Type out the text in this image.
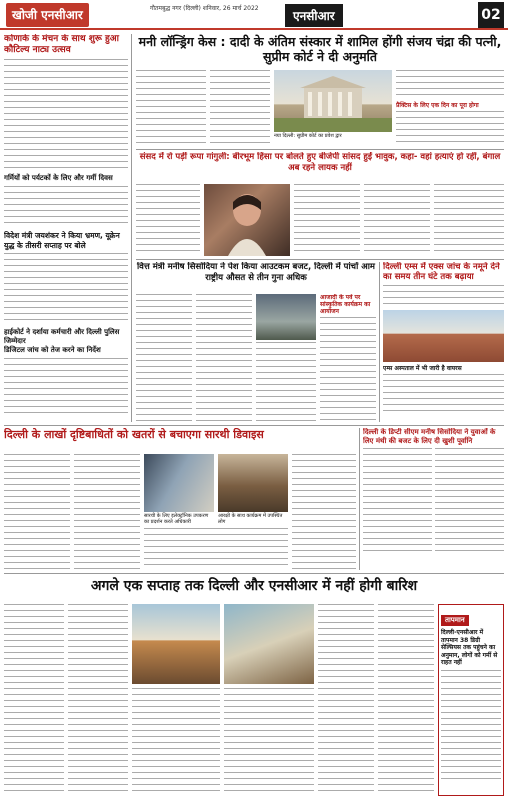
खोजी एनसीआर	गौतमबुद्ध नगर (दिल्ली) शनिवार, 26 मार्च 2022
एनसीआर	02
कोणार्क के मंचन के साथ शुरू हुआ कौटिल्य नाट्य उत्सव
गर्मियों को पर्यटकों के लिए और गर्मी दिवस
विदेश मंत्री जयशंकर ने किया भ्रमण, यूक्रेन युद्ध के तीसरी सप्ताह पर बोले
हाईकोर्ट ने दर्शाया कर्मचारी और दिल्ली पुलिस जिम्मेदार
डिजिटल जांच को तेज करने का निर्देश
मनी लॉन्ड्रिंग केस : दादी के अंतिम संस्कार में शामिल होंगी संजय चंद्रा की पत्नी, सुप्रीम कोर्ट ने दी अनुमति
नया दिल्ली: सुप्रीम कोर्ट का प्रवेश द्वार
प्रैक्टिस के लिए एक दिन का पूरा होगा
संसद में रो पड़ीं रूपा गांगुली: बीरभूम हिंसा पर बोलते हुए बीजेपी सांसद हुईं भावुक, कहा- वहां हत्याएं हो रहीं, बंगाल अब रहने लायक नहीं
वित्त मंत्री मनीष सिसोदिया ने पेश किया आउटकम बजट, दिल्ली में पांचों आम राष्ट्रीय औसत से तीन गुना अधिक
आजादी के पर्व पर सांस्कृतिक कार्यक्रम का आयोजन
दिल्ली एम्स में एक्स जांच के नमूने देने का समय तीन घंटे तक बढ़ाया
एम्स अस्पताल में भी जारी है वायरस
दिल्ली के लाखों दृष्टिबाधितों को खतरों से बचाएगा सारथी डिवाइस
सारथी के लिए इलेक्ट्रॉनिक उपकरण का प्रदर्शन करते अधिकारी
आरक्षी के साथ कार्यक्रम में उपस्थित लोग
दिल्ली के डिप्टी सीएम मनीष सिसोदिया ने युवाओं के लिए मंथी की बजट के लिए दी खुशी पूर्वानि
अगले एक सप्ताह तक दिल्ली और एनसीआर में नहीं होगी बारिश
तापमान
दिल्ली-एनसीआर में तापमान 38 डिग्री सेल्सियस तक पहुंचने का अनुमान, लोगों को गर्मी से राहत नहीं
